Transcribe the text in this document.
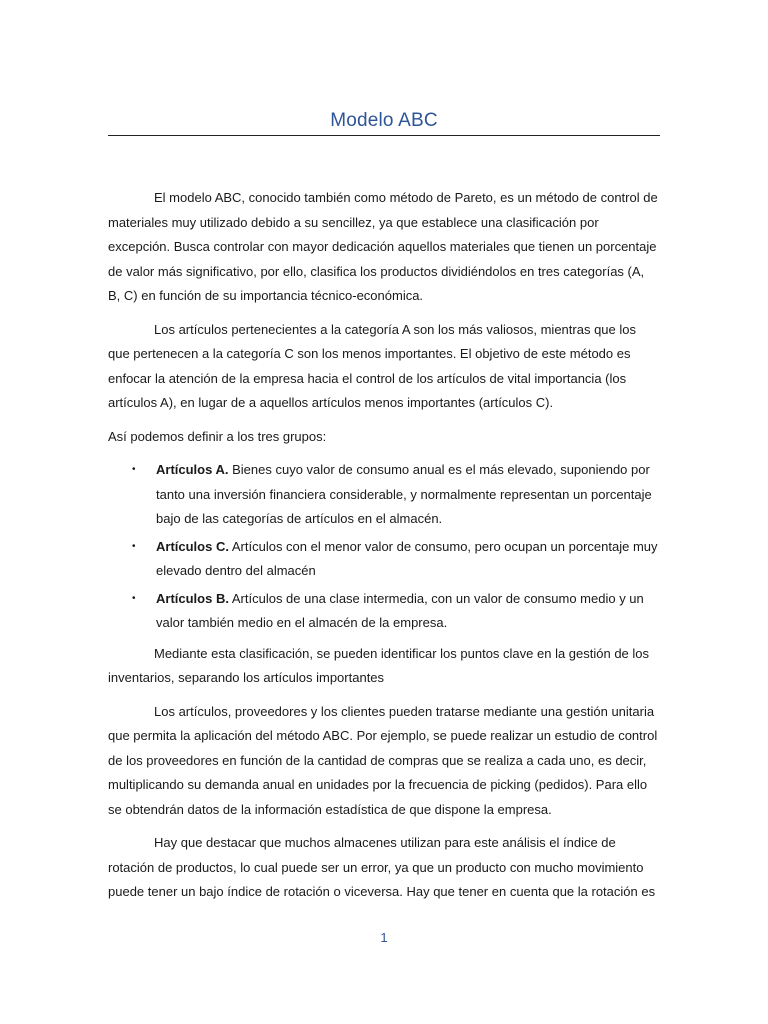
Modelo ABC

El modelo ABC, conocido también como método de Pareto, es un método de control de materiales muy utilizado debido a su sencillez, ya que establece una clasificación por excepción. Busca controlar con mayor dedicación aquellos materiales que tienen un porcentaje de valor más significativo, por ello, clasifica los productos dividiéndolos en tres categorías (A, B, C) en función de su importancia técnico-económica.

Los artículos pertenecientes a la categoría A son los más valiosos, mientras que los que pertenecen a la categoría C son los menos importantes. El objetivo de este método es enfocar la atención de la empresa hacia el control de los artículos de vital importancia (los artículos A), en lugar de a aquellos artículos menos importantes (artículos C).

Así podemos definir a los tres grupos:

• Artículos A. Bienes cuyo valor de consumo anual es el más elevado, suponiendo por tanto una inversión financiera considerable, y normalmente representan un porcentaje bajo de las categorías de artículos en el almacén.
• Artículos C. Artículos con el menor valor de consumo, pero ocupan un porcentaje muy elevado dentro del almacén
• Artículos B. Artículos de una clase intermedia, con un valor de consumo medio y un valor también medio en el almacén de la empresa.

Mediante esta clasificación, se pueden identificar los puntos clave en la gestión de los inventarios, separando los artículos importantes

Los artículos, proveedores y los clientes pueden tratarse mediante una gestión unitaria que permita la aplicación del método ABC. Por ejemplo, se puede realizar un estudio de control de los proveedores en función de la cantidad de compras que se realiza a cada uno, es decir, multiplicando su demanda anual en unidades por la frecuencia de picking (pedidos). Para ello se obtendrán datos de la información estadística de que dispone la empresa.

Hay que destacar que muchos almacenes utilizan para este análisis el índice de rotación de productos, lo cual puede ser un error, ya que un producto con mucho movimiento puede tener un bajo índice de rotación o viceversa. Hay que tener en cuenta que la rotación es

1
